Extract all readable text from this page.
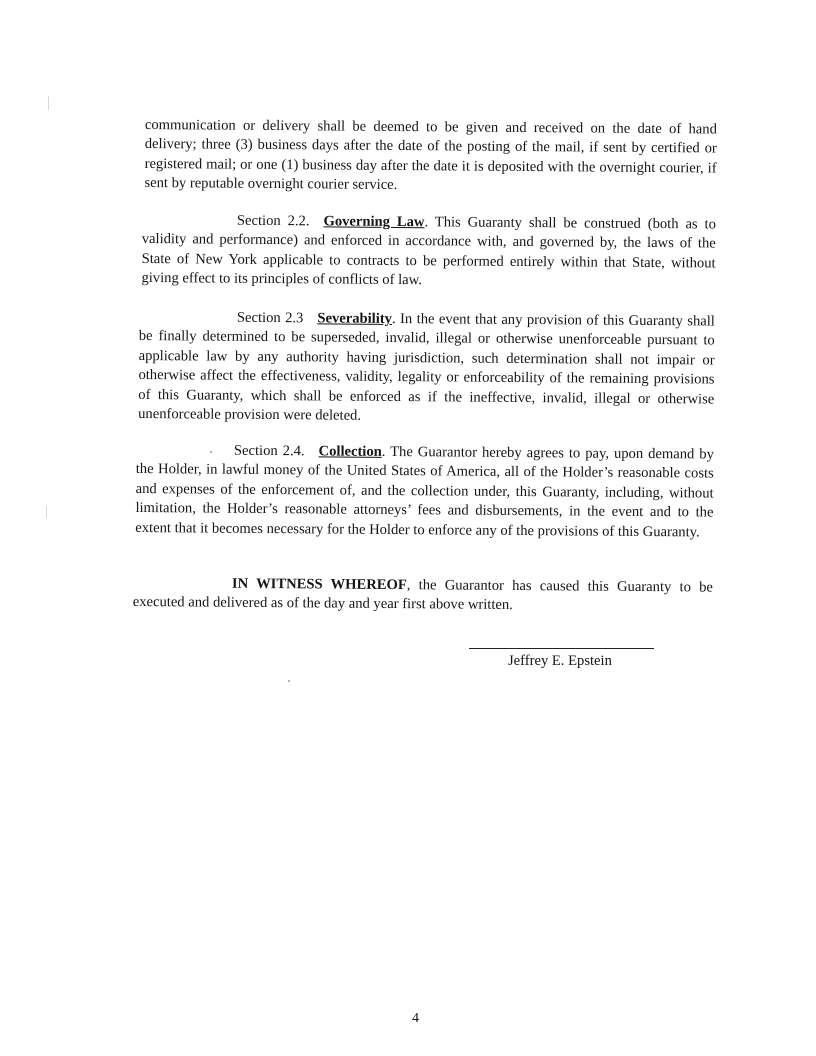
communication or delivery shall be deemed to be given and received on the date of hand delivery; three (3) business days after the date of the posting of the mail, if sent by certified or registered mail; or one (1) business day after the date it is deposited with the overnight courier, if sent by reputable overnight courier service.

Section 2.2. Governing Law. This Guaranty shall be construed (both as to validity and performance) and enforced in accordance with, and governed by, the laws of the State of New York applicable to contracts to be performed entirely within that State, without giving effect to its principles of conflicts of law.

Section 2.3 Severability. In the event that any provision of this Guaranty shall be finally determined to be superseded, invalid, illegal or otherwise unenforceable pursuant to applicable law by any authority having jurisdiction, such determination shall not impair or otherwise affect the effectiveness, validity, legality or enforceability of the remaining provisions of this Guaranty, which shall be enforced as if the ineffective, invalid, illegal or otherwise unenforceable provision were deleted.

Section 2.4. Collection. The Guarantor hereby agrees to pay, upon demand by the Holder, in lawful money of the United States of America, all of the Holder’s reasonable costs and expenses of the enforcement of, and the collection under, this Guaranty, including, without limitation, the Holder’s reasonable attorneys’ fees and disbursements, in the event and to the extent that it becomes necessary for the Holder to enforce any of the provisions of this Guaranty.

IN WITNESS WHEREOF, the Guarantor has caused this Guaranty to be executed and delivered as of the day and year first above written.

Jeffrey E. Epstein
4
